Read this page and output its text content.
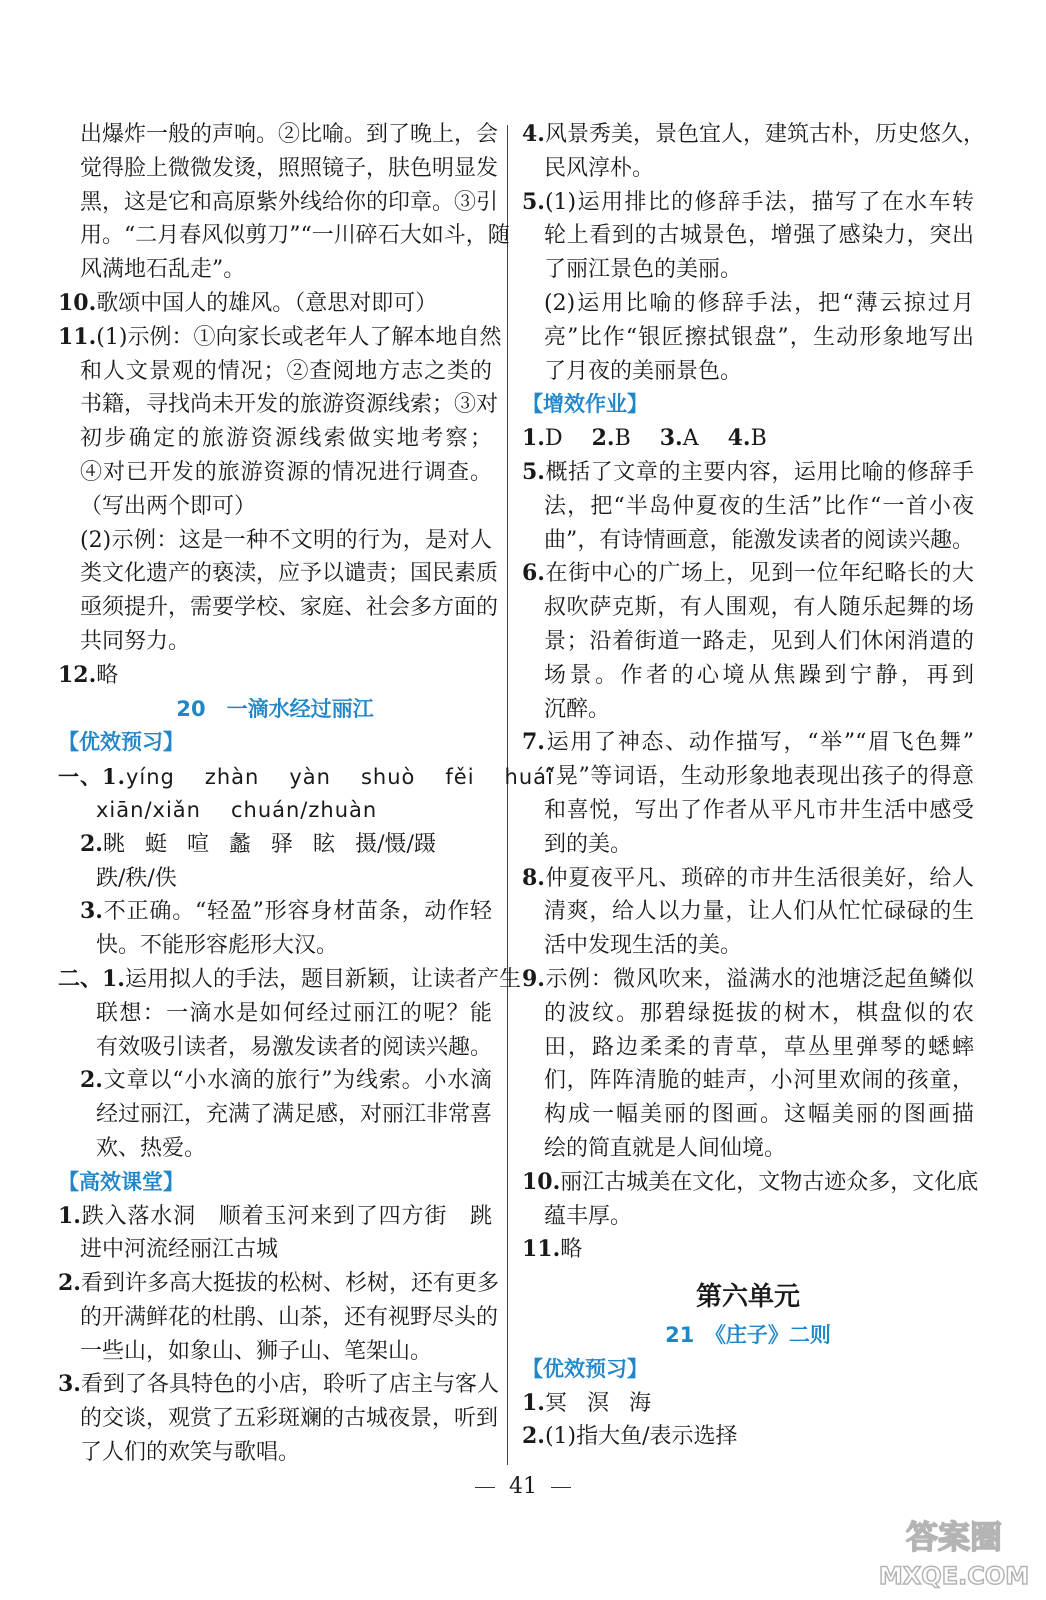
出爆炸一般的声响。②比喻。到了晚上，会
觉得脸上微微发烫，照照镜子，肤色明显发
黑，这是它和高原紫外线给你的印章。③引
用。“二月春风似剪刀”“一川碎石大如斗，随
风满地石乱走”。
10.歌颂中国人的雄风。（意思对即可）
11.(1)示例：①向家长或老年人了解本地自然
和人文景观的情况；②查阅地方志之类的
书籍，寻找尚未开发的旅游资源线索；③对
初步确定的旅游资源线索做实地考察；
④对已开发的旅游资源的情况进行调查。
（写出两个即可）
(2)示例：这是一种不文明的行为，是对人
类文化遗产的亵渎，应予以谴责；国民素质
亟须提升，需要学校、家庭、社会多方面的
共同努力。
12.略
20　一滴水经过丽江
【优效预习】
一、1.yíng zhàn yàn shuò fěi huái
xiān/xiǎn chuán/zhuàn
2.眺 蜓 喧 蠡 驿 眩 摄/慑/蹑
跌/秩/佚
3.不正确。“轻盈”形容身材苗条，动作轻
快。不能形容彪形大汉。
二、1.运用拟人的手法，题目新颖，让读者产生
联想：一滴水是如何经过丽江的呢？能
有效吸引读者，易激发读者的阅读兴趣。
2.文章以“小水滴的旅行”为线索。小水滴
经过丽江，充满了满足感，对丽江非常喜
欢、热爱。
【高效课堂】
1.跌入落水洞　顺着玉河来到了四方街　跳
进中河流经丽江古城
2.看到许多高大挺拔的松树、杉树，还有更多
的开满鲜花的杜鹃、山茶，还有视野尽头的
一些山，如象山、狮子山、笔架山。
3.看到了各具特色的小店，聆听了店主与客人
的交谈，观赏了五彩斑斓的古城夜景，听到
了人们的欢笑与歌唱。
4.风景秀美，景色宜人，建筑古朴，历史悠久，
民风淳朴。
5.(1)运用排比的修辞手法，描写了在水车转
轮上看到的古城景色，增强了感染力，突出
了丽江景色的美丽。
(2)运用比喻的修辞手法，把“薄云掠过月
亮”比作“银匠擦拭银盘”，生动形象地写出
了月夜的美丽景色。
【增效作业】
1.D 2.B 3.A 4.B
5.概括了文章的主要内容，运用比喻的修辞手
法，把“半岛仲夏夜的生活”比作“一首小夜
曲”，有诗情画意，能激发读者的阅读兴趣。
6.在街中心的广场上，见到一位年纪略长的大
叔吹萨克斯，有人围观，有人随乐起舞的场
景；沿着街道一路走，见到人们休闲消遣的
场景。作者的心境从焦躁到宁静，再到
沉醉。
7.运用了神态、动作描写，“举”“眉飞色舞”
“晃”等词语，生动形象地表现出孩子的得意
和喜悦，写出了作者从平凡市井生活中感受
到的美。
8.仲夏夜平凡、琐碎的市井生活很美好，给人
清爽，给人以力量，让人们从忙忙碌碌的生
活中发现生活的美。
9.示例：微风吹来，溢满水的池塘泛起鱼鳞似
的波纹。那碧绿挺拔的树木，棋盘似的农
田，路边柔柔的青草，草丛里弹琴的蟋蟀
们，阵阵清脆的蛙声，小河里欢闹的孩童，
构成一幅美丽的图画。这幅美丽的图画描
绘的简直就是人间仙境。
10.丽江古城美在文化，文物古迹众多，文化底
蕴丰厚。
11.略
第六单元
21　《庄子》二则
【优效预习】
1.冥 溟 海
2.(1)指大鱼/表示选择
41
答案圈 MXQE.COM
